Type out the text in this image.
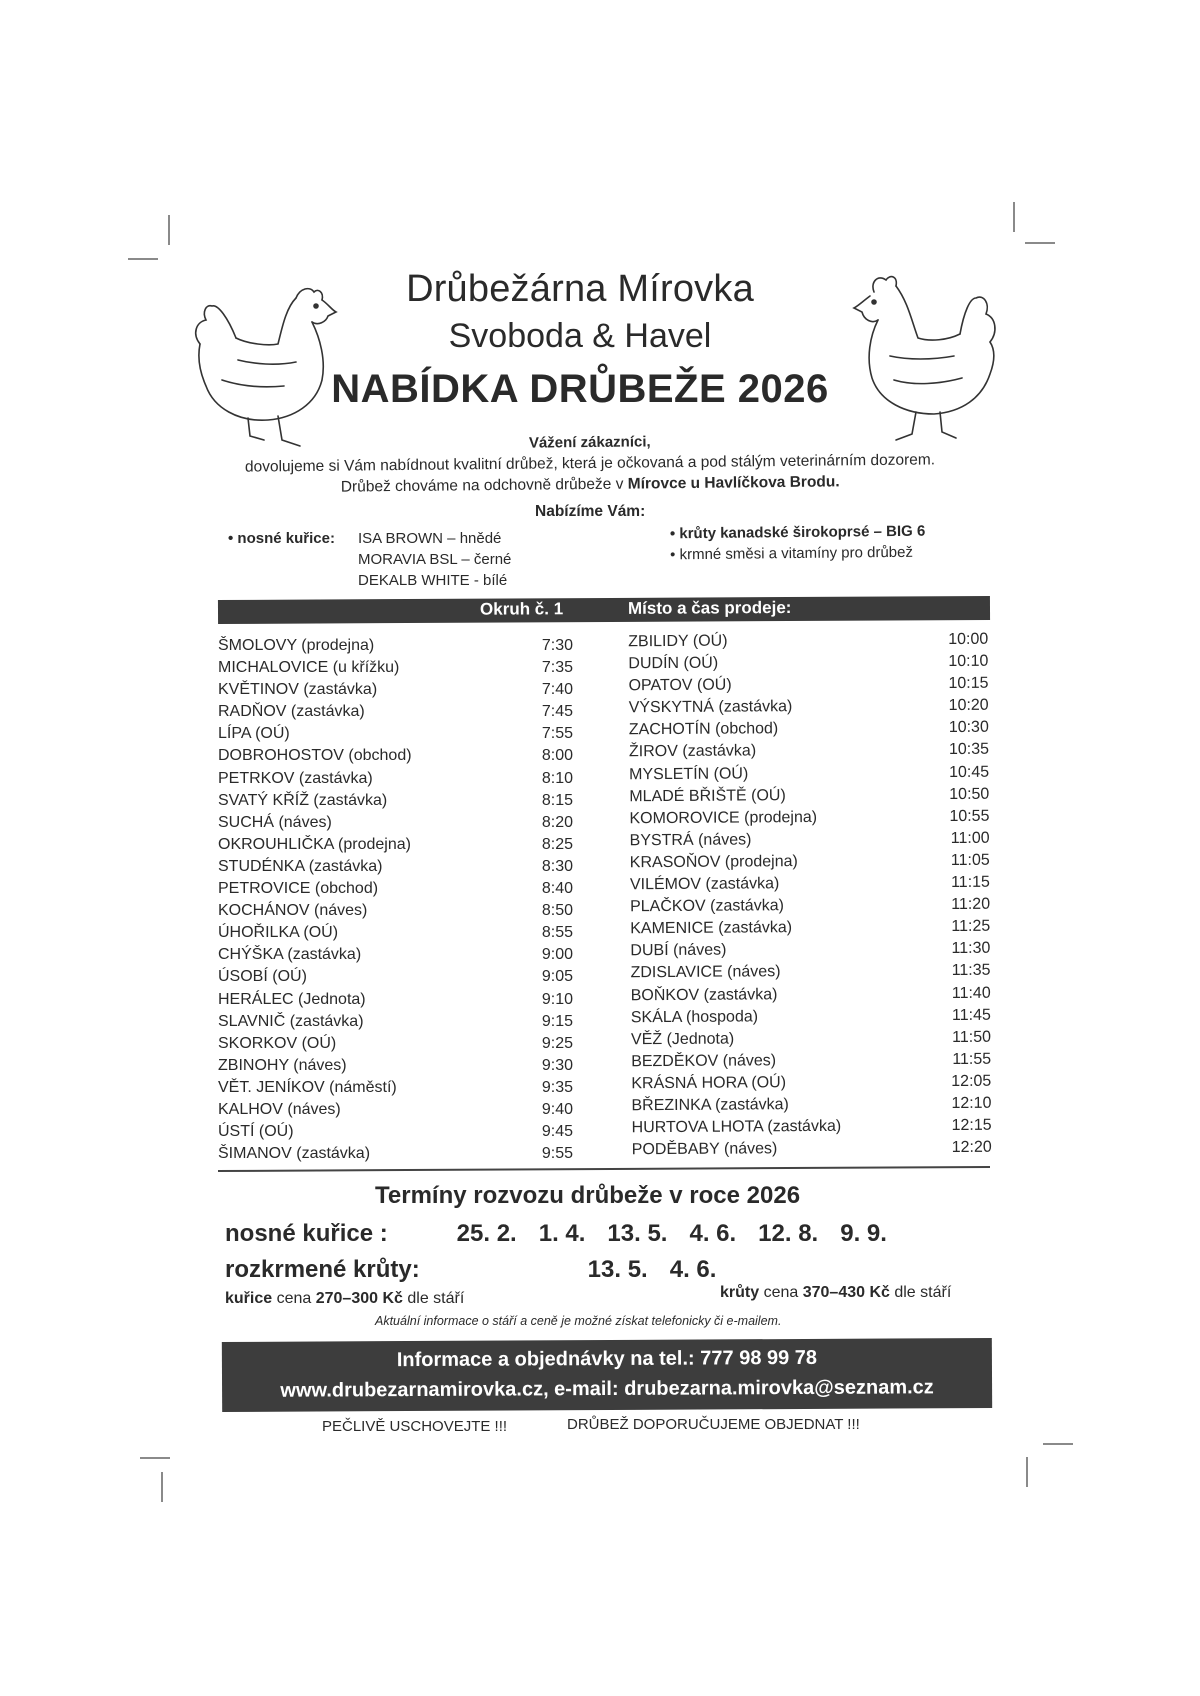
Drůbežárna Mírovka
Svoboda & Havel
NABÍDKA DRŮBEŽE 2026
Vážení zákazníci,
dovolujeme si Vám nabídnout kvalitní drůbež, která je očkovaná a pod stálým veterinárním dozorem.
Drůbež chováme na odchovně drůbeže v Mírovce u Havlíčkova Brodu.
Nabízíme Vám:
• nosné kuřice: ISA BROWN – hnědé
MORAVIA BSL – černé
DEKALB WHITE - bílé
• krůty kanadské širokoprsé – BIG 6
• krmné směsi a vitamíny pro drůbež
Okruh č. 1	Místo a čas prodeje:
ŠMOLOVY (prodejna)	7:30
MICHALOVICE (u křížku)	7:35
KVĚTINOV (zastávka)	7:40
RADŇOV (zastávka)	7:45
LÍPA (OÚ)	7:55
DOBROHOSTOV (obchod)	8:00
PETRKOV (zastávka)	8:10
SVATÝ KŘÍŽ (zastávka)	8:15
SUCHÁ (náves)	8:20
OKROUHLIČKA (prodejna)	8:25
STUDÉNKA (zastávka)	8:30
PETROVICE (obchod)	8:40
KOCHÁNOV (náves)	8:50
ÚHOŘILKA (OÚ)	8:55
CHÝŠKA (zastávka)	9:00
ÚSOBÍ (OÚ)	9:05
HERÁLEC (Jednota)	9:10
SLAVNIČ (zastávka)	9:15
SKORKOV (OÚ)	9:25
ZBINOHY (náves)	9:30
VĚT. JENÍKOV (náměstí)	9:35
KALHOV (náves)	9:40
ÚSTÍ (OÚ)	9:45
ŠIMANOV (zastávka)	9:55
ZBILIDY (OÚ)	10:00
DUDÍN (OÚ)	10:10
OPATOV (OÚ)	10:15
VÝSKYTNÁ (zastávka)	10:20
ZACHOTÍN (obchod)	10:30
ŽIROV (zastávka)	10:35
MYSLETÍN (OÚ)	10:45
MLADÉ BŘIŠTĚ (OÚ)	10:50
KOMOROVICE (prodejna)	10:55
BYSTRÁ (náves)	11:00
KRASOŇOV (prodejna)	11:05
VILÉMOV (zastávka)	11:15
PLAČKOV (zastávka)	11:20
KAMENICE (zastávka)	11:25
DUBÍ (náves)	11:30
ZDISLAVICE (náves)	11:35
BOŇKOV (zastávka)	11:40
SKÁLA (hospoda)	11:45
VĚŽ (Jednota)	11:50
BEZDĚKOV (náves)	11:55
KRÁSNÁ HORA (OÚ)	12:05
BŘEZINKA (zastávka)	12:10
HURTOVA LHOTA (zastávka)	12:15
PODĚBABY (náves)	12:20
Termíny rozvozu drůbeže v roce 2026
nosné kuřice :	25. 2. 1. 4. 13. 5. 4. 6. 12. 8. 9. 9.
rozkrmené krůty:	13. 5. 4. 6.
kuřice cena 270–300 Kč dle stáří	krůty cena 370–430 Kč dle stáří
Aktuální informace o stáří a ceně je možné získat telefonicky či e-mailem.
Informace a objednávky na tel.: 777 98 99 78
www.drubezarnamirovka.cz, e-mail: drubezarna.mirovka@seznam.cz
PEČLIVĚ USCHOVEJTE !!!	DRŮBEŽ DOPORUČUJEME OBJEDNAT !!!
